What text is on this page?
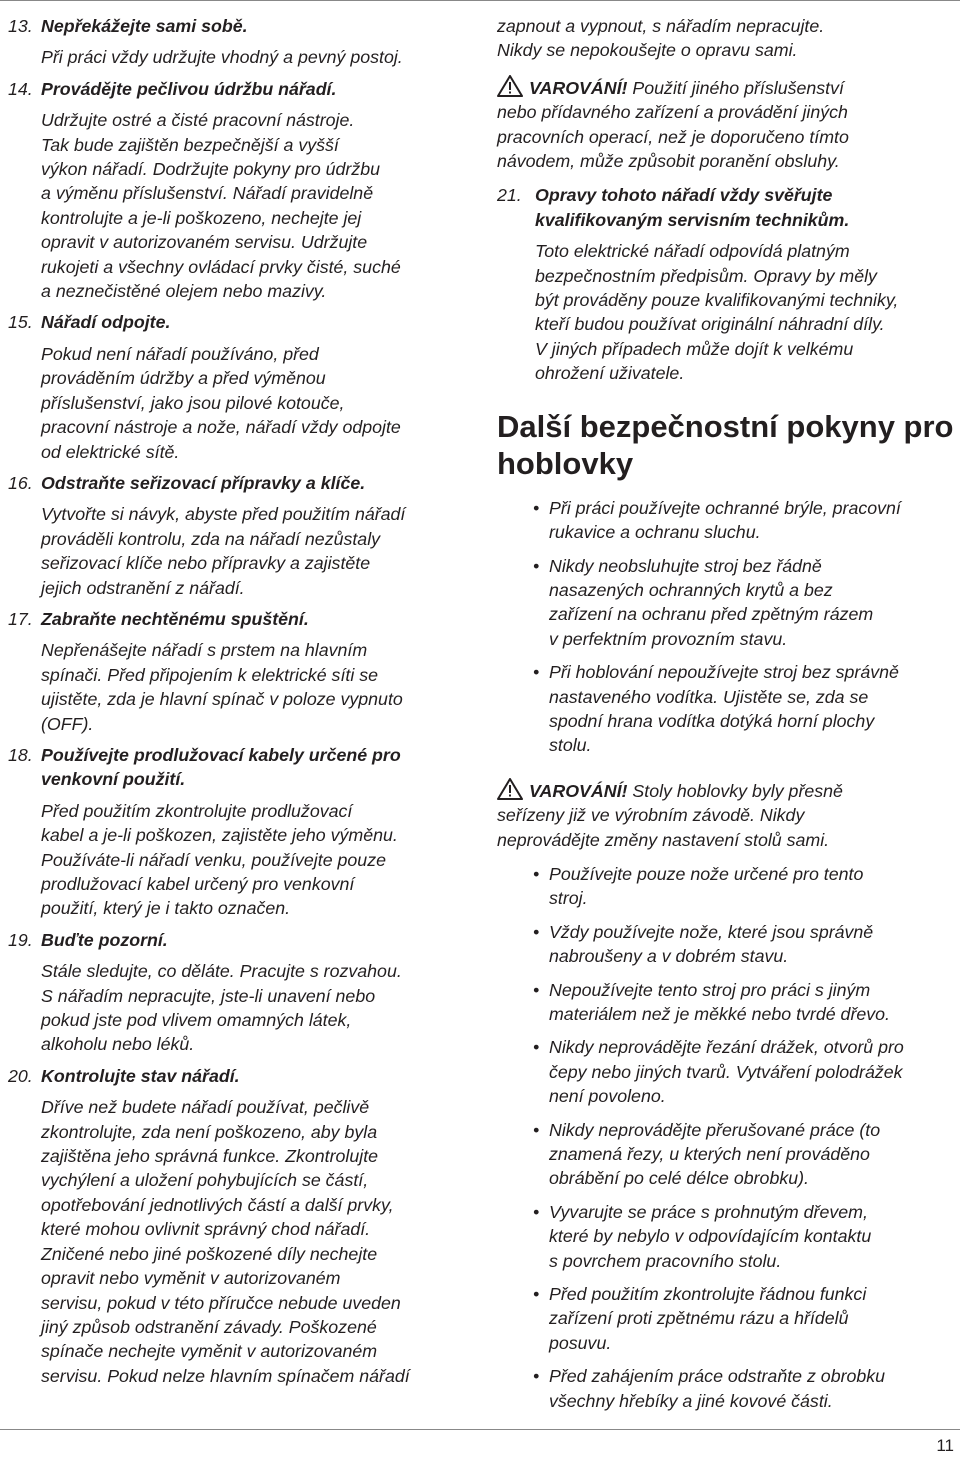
13. Nepřekážejte sami sobě.
Při práci vždy udržujte vhodný a pevný postoj.
14. Provádějte pečlivou údržbu nářadí.
Udržujte ostré a čisté pracovní nástroje.
Tak bude zajištěn bezpečnější a vyšší
výkon nářadí. Dodržujte pokyny pro údržbu
a výměnu příslušenství. Nářadí pravidelně
kontrolujte a je-li poškozeno, nechejte jej
opravit v autorizovaném servisu. Udržujte
rukojeti a všechny ovládací prvky čisté, suché
a neznečistěné olejem nebo mazivy.
15. Nářadí odpojte.
Pokud není nářadí používáno, před
prováděním údržby a před výměnou
příslušenství, jako jsou pilové kotouče,
pracovní nástroje a nože, nářadí vždy odpojte
od elektrické sítě.
16. Odstraňte seřizovací přípravky a klíče.
Vytvořte si návyk, abyste před použitím nářadí
prováděli kontrolu, zda na nářadí nezůstaly
seřizovací klíče nebo přípravky a zajistěte
jejich odstranění z nářadí.
17. Zabraňte nechtěnému spuštění.
Nepřenášejte nářadí s prstem na hlavním
spínači. Před připojením k elektrické síti se
ujistěte, zda je hlavní spínač v poloze vypnuto
(OFF).
18. Používejte prodlužovací kabely určené pro venkovní použití.
Před použitím zkontrolujte prodlužovací
kabel a je-li poškozen, zajistěte jeho výměnu.
Používáte-li nářadí venku, používejte pouze
prodlužovací kabel určený pro venkovní
použití, který je i takto označen.
19. Buďte pozorní.
Stále sledujte, co děláte. Pracujte s rozvahou.
S nářadím nepracujte, jste-li unavení nebo
pokud jste pod vlivem omamných látek,
alkoholu nebo léků.
20. Kontrolujte stav nářadí.
Dříve než budete nářadí používat, pečlivě
zkontrolujte, zda není poškozeno, aby byla
zajištěna jeho správná funkce. Zkontrolujte
vychýlení a uložení pohybujících se částí,
opotřebování jednotlivých částí a další prvky,
které mohou ovlivnit správný chod nářadí.
Zničené nebo jiné poškozené díly nechejte
opravit nebo vyměnit v autorizovaném
servisu, pokud v této příručce nebude uveden
jiný způsob odstranění závady. Poškozené
spínače nechejte vyměnit v autorizovaném
servisu. Pokud nelze hlavním spínačem nářadí
zapnout a vypnout, s nářadím nepracujte.
Nikdy se nepokoušejte o opravu sami.
VAROVÁNÍ! Použití jiného příslušenství
nebo přídavného zařízení a provádění jiných
pracovních operací, než je doporučeno tímto
návodem, může způsobit poranění obsluhy.
21. Opravy tohoto nářadí vždy svěřujte kvalifikovaným servisním technikům.
Toto elektrické nářadí odpovídá platným
bezpečnostním předpisům. Opravy by měly
být prováděny pouze kvalifikovanými techniky,
kteří budou používat originální náhradní díly.
V jiných případech může dojít k velkému
ohrožení uživatele.
Další bezpečnostní pokyny pro
hoblovky
• Při práci používejte ochranné brýle, pracovní
rukavice a ochranu sluchu.
• Nikdy neobsluhujte stroj bez řádně
nasazených ochranných krytů a bez
zařízení na ochranu před zpětným rázem
v perfektním provozním stavu.
• Při hoblování nepoužívejte stroj bez správně
nastaveného vodítka. Ujistěte se, zda se
spodní hrana vodítka dotýká horní plochy
stolu.
VAROVÁNÍ! Stoly hoblovky byly přesně
seřízeny již ve výrobním závodě. Nikdy
neprovádějte změny nastavení stolů sami.
• Používejte pouze nože určené pro tento
stroj.
• Vždy používejte nože, které jsou správně
nabroušeny a v dobrém stavu.
• Nepoužívejte tento stroj pro práci s jiným
materiálem než je měkké nebo tvrdé dřevo.
• Nikdy neprovádějte řezání drážek, otvorů pro
čepy nebo jiných tvarů. Vytváření polodrážek
není povoleno.
• Nikdy neprovádějte přerušované práce (to
znamená řezy, u kterých není prováděno
obrábění po celé délce obrobku).
• Vyvarujte se práce s prohnutým dřevem,
které by nebylo v odpovídajícím kontaktu
s povrchem pracovního stolu.
• Před použitím zkontrolujte řádnou funkci
zařízení proti zpětnému rázu a hřídelů
posuvu.
• Před zahájením práce odstraňte z obrobku
všechny hřebíky a jiné kovové části.
11
